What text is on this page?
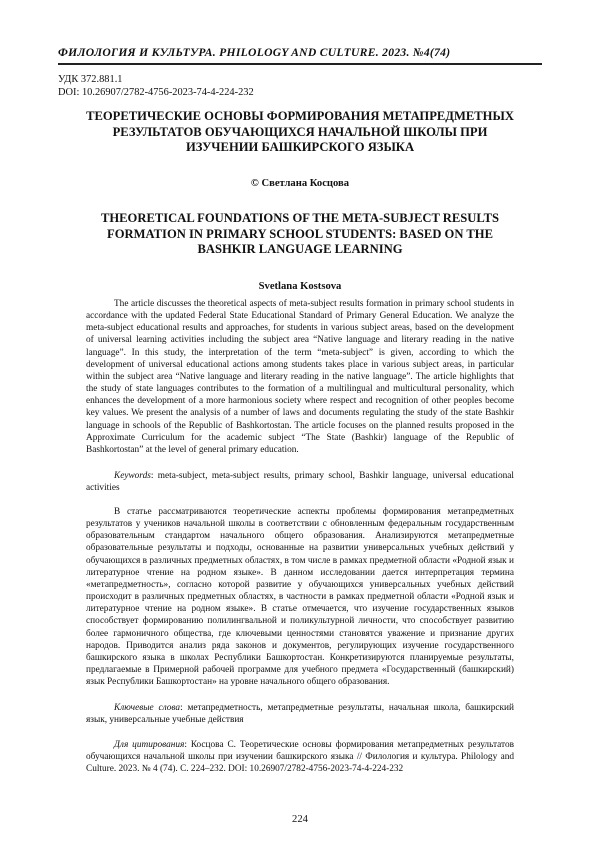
ФИЛОЛОГИЯ И КУЛЬТУРА. PHILOLOGY AND CULTURE. 2023. №4(74)
УДК 372.881.1
DOI: 10.26907/2782-4756-2023-74-4-224-232
ТЕОРЕТИЧЕСКИЕ ОСНОВЫ ФОРМИРОВАНИЯ МЕТАПРЕДМЕТНЫХ
РЕЗУЛЬТАТОВ ОБУЧАЮЩИХСЯ НАЧАЛЬНОЙ ШКОЛЫ ПРИ
ИЗУЧЕНИИ БАШКИРСКОГО ЯЗЫКА
© Светлана Косцова
THEORETICAL FOUNDATIONS OF THE META-SUBJECT RESULTS
FORMATION IN PRIMARY SCHOOL STUDENTS: BASED ON THE
BASHKIR LANGUAGE LEARNING
Svetlana Kostsova

The article discusses the theoretical aspects of meta-subject results formation in primary school students in accordance with the updated Federal State Educational Standard of Primary General Education. We analyze the meta-subject educational results and approaches, for students in various subject areas, based on the development of universal learning activities including the subject area “Native language and literary reading in the native language”. In this study, the interpretation of the term “meta-subject” is given, according to which the development of universal educational actions among students takes place in various subject areas, in particular within the subject area “Native language and literary reading in the native language”. The article highlights that the study of state languages contributes to the formation of a multilingual and multicultural personality, which enhances the development of a more harmonious society where respect and recognition of other peoples become key values. We present the analysis of a number of laws and documents regulating the study of the state Bashkir language in schools of the Republic of Bashkortostan. The article focuses on the planned results proposed in the Approximate Curriculum for the academic subject “The State (Bashkir) language of the Republic of Bashkortostan” at the level of general primary education.

Keywords: meta-subject, meta-subject results, primary school, Bashkir language, universal educational activities

В статье рассматриваются теоретические аспекты проблемы формирования метапредметных результатов у учеников начальной школы в соответствии с обновленным федеральным государственным образовательным стандартом начального общего образования. Анализируются метапредметные образовательные результаты и подходы, основанные на развитии универсальных учебных действий у обучающихся в различных предметных областях, в том числе в рамках предметной области «Родной язык и литературное чтение на родном языке». В данном исследовании дается интерпретация термина «метапредметность», согласно которой развитие у обучающихся универсальных учебных действий происходит в различных предметных областях, в частности в рамках предметной области «Родной язык и литературное чтение на родном языке». В статье отмечается, что изучение государственных языков способствует формированию полилингвальной и поликультурной личности, что способствует развитию более гармоничного общества, где ключевыми ценностями становятся уважение и признание других народов. Приводится анализ ряда законов и документов, регулирующих изучение государственного башкирского языка в школах Республики Башкортостан. Конкретизируются планируемые результаты, предлагаемые в Примерной рабочей программе для учебного предмета «Государственный (башкирский) язык Республики Башкортостан» на уровне начального общего образования.

Ключевые слова: метапредметность, метапредметные результаты, начальная школа, башкирский язык, универсальные учебные действия

Для цитирования: Косцова С. Теоретические основы формирования метапредметных результатов обучающихся начальной школы при изучении башкирского языка // Филология и культура. Philology and Culture. 2023. № 4 (74). С. 224–232. DOI: 10.26907/2782-4756-2023-74-4-224-232

224
